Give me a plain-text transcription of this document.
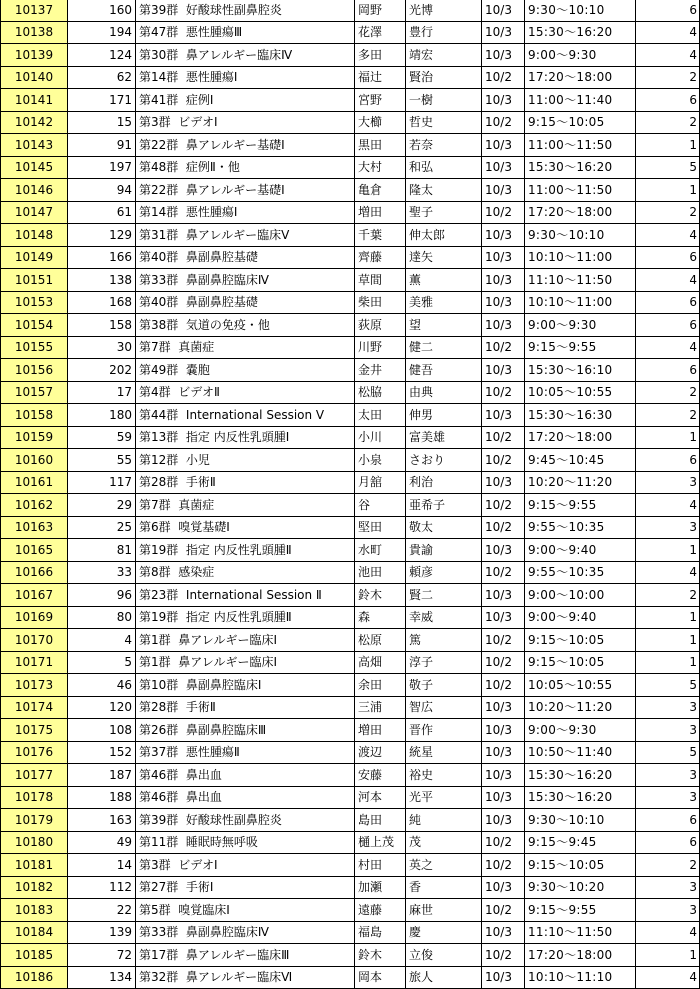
10137	160	第39群 好酸球性副鼻腔炎	岡野	光博	10/3	9:30〜10:10	6
10138	194	第47群 悪性腫瘍Ⅲ	花澤	豊行	10/3	15:30〜16:20	4
10139	124	第30群 鼻アレルギー臨床Ⅳ	多田	靖宏	10/3	9:00〜9:30	4
10140	62	第14群 悪性腫瘍Ⅰ	福辻	賢治	10/2	17:20〜18:00	2
10141	171	第41群 症例Ⅰ	宮野	一樹	10/3	11:00〜11:40	6
10142	15	第3群 ビデオⅠ	大櫛	哲史	10/2	9:15〜10:05	2
10143	91	第22群 鼻アレルギー基礎Ⅰ	黒田	若奈	10/3	11:00〜11:50	1
10145	197	第48群 症例Ⅱ・他	大村	和弘	10/3	15:30〜16:20	5
10146	94	第22群 鼻アレルギー基礎Ⅰ	亀倉	隆太	10/3	11:00〜11:50	1
10147	61	第14群 悪性腫瘍Ⅰ	増田	聖子	10/2	17:20〜18:00	2
10148	129	第31群 鼻アレルギー臨床Ⅴ	千葉	伸太郎	10/3	9:30〜10:10	4
10149	166	第40群 鼻副鼻腔基礎	齊藤	達矢	10/3	10:10〜11:00	6
10151	138	第33群 鼻副鼻腔臨床Ⅳ	草間	薫	10/3	11:10〜11:50	4
10153	168	第40群 鼻副鼻腔基礎	柴田	美雅	10/3	10:10〜11:00	6
10154	158	第38群 気道の免疫・他	荻原	望	10/3	9:00〜9:30	6
10155	30	第7群 真菌症	川野	健二	10/2	9:15〜9:55	4
10156	202	第49群 嚢胞	金井	健吾	10/3	15:30〜16:10	6
10157	17	第4群 ビデオⅡ	松脇	由典	10/2	10:05〜10:55	2
10158	180	第44群 International Session Ⅴ	太田	伸男	10/3	15:30〜16:30	2
10159	59	第13群 指定 内反性乳頭腫Ⅰ	小川	富美雄	10/2	17:20〜18:00	1
10160	55	第12群 小児	小泉	さおり	10/2	9:45〜10:45	6
10161	117	第28群 手術Ⅱ	月舘	利治	10/3	10:20〜11:20	3
10162	29	第7群 真菌症	谷	亜希子	10/2	9:15〜9:55	4
10163	25	第6群 嗅覚基礎Ⅰ	堅田	敬太	10/2	9:55〜10:35	3
10165	81	第19群 指定 内反性乳頭腫Ⅱ	水町	貴諭	10/3	9:00〜9:40	1
10166	33	第8群 感染症	池田	頼彦	10/2	9:55〜10:35	4
10167	96	第23群 International Session Ⅱ	鈴木	賢二	10/3	9:00〜10:00	2
10169	80	第19群 指定 内反性乳頭腫Ⅱ	森	幸威	10/3	9:00〜9:40	1
10170	4	第1群 鼻アレルギー臨床Ⅰ	松原	篤	10/2	9:15〜10:05	1
10171	5	第1群 鼻アレルギー臨床Ⅰ	高畑	淳子	10/2	9:15〜10:05	1
10173	46	第10群 鼻副鼻腔臨床Ⅰ	余田	敬子	10/2	10:05〜10:55	5
10174	120	第28群 手術Ⅱ	三浦	智広	10/3	10:20〜11:20	3
10175	108	第26群 鼻副鼻腔臨床Ⅲ	増田	晋作	10/3	9:00〜9:30	3
10176	152	第37群 悪性腫瘍Ⅱ	渡辺	統星	10/3	10:50〜11:40	5
10177	187	第46群 鼻出血	安藤	裕史	10/3	15:30〜16:20	3
10178	188	第46群 鼻出血	河本	光平	10/3	15:30〜16:20	3
10179	163	第39群 好酸球性副鼻腔炎	島田	純	10/3	9:30〜10:10	6
10180	49	第11群 睡眠時無呼吸	樋上茂	茂	10/2	9:15〜9:45	6
10181	14	第3群 ビデオⅠ	村田	英之	10/2	9:15〜10:05	2
10182	112	第27群 手術Ⅰ	加瀬	香	10/3	9:30〜10:20	3
10183	22	第5群 嗅覚臨床Ⅰ	遠藤	麻世	10/2	9:15〜9:55	3
10184	139	第33群 鼻副鼻腔臨床Ⅳ	福島	慶	10/3	11:10〜11:50	4
10185	72	第17群 鼻アレルギー臨床Ⅲ	鈴木	立俊	10/2	17:20〜18:00	1
10186	134	第32群 鼻アレルギー臨床Ⅵ	岡本	旅人	10/3	10:10〜11:10	4
